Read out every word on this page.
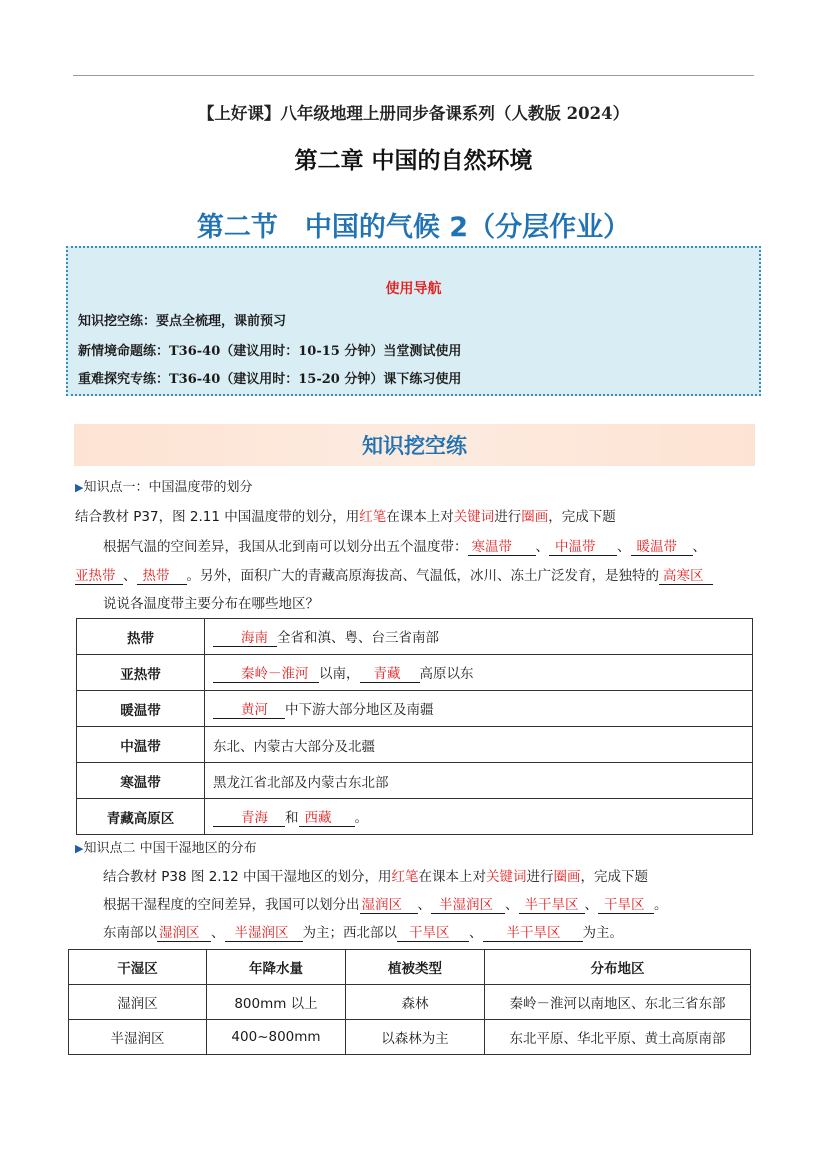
【上好课】八年级地理上册同步备课系列（人教版 2024）
第二章 中国的自然环境
第二节　中国的气候 2（分层作业）
使用导航
知识挖空练：要点全梳理，课前预习
新情境命题练：T36-40（建议用时：10-15 分钟）当堂测试使用
重难探究专练：T36-40（建议用时：15-20 分钟）课下练习使用
知识挖空练
▶知识点一：中国温度带的划分
结合教材 P37，图 2.11 中国温度带的划分，用红笔在课本上对关键词进行圈画，完成下题
根据气温的空间差异，我国从北到南可以划分出五个温度带： 寒温带 、 中温带 、 暖温带 、
亚热带 、 热带 。另外，面积广大的青藏高原海拔高、气温低，冰川、冻土广泛发育，是独特的 高寒区
说说各温度带主要分布在哪些地区？
热带	海南 全省和滇、粤、台三省南部
亚热带	秦岭－淮河 以南， 青藏 高原以东
暖温带	黄河 中下游大部分地区及南疆
中温带	东北、内蒙古大部分及北疆
寒温带	黑龙江省北部及内蒙古东北部
青藏高原区	青海 和 西藏 。
▶知识点二 中国干湿地区的分布
结合教材 P38 图 2.12 中国干湿地区的划分，用红笔在课本上对关键词进行圈画，完成下题
根据干湿程度的空间差异，我国可以划分出 湿润区 、 半湿润区 、 半干旱区 、 干旱区 。
东南部以 湿润区 、 半湿润区 为主；西北部以 干旱区 、 半干旱区 为主。
干湿区	年降水量	植被类型	分布地区
湿润区	800mm 以上	森林	秦岭－淮河以南地区、东北三省东部
半湿润区	400~800mm	以森林为主	东北平原、华北平原、黄土高原南部
